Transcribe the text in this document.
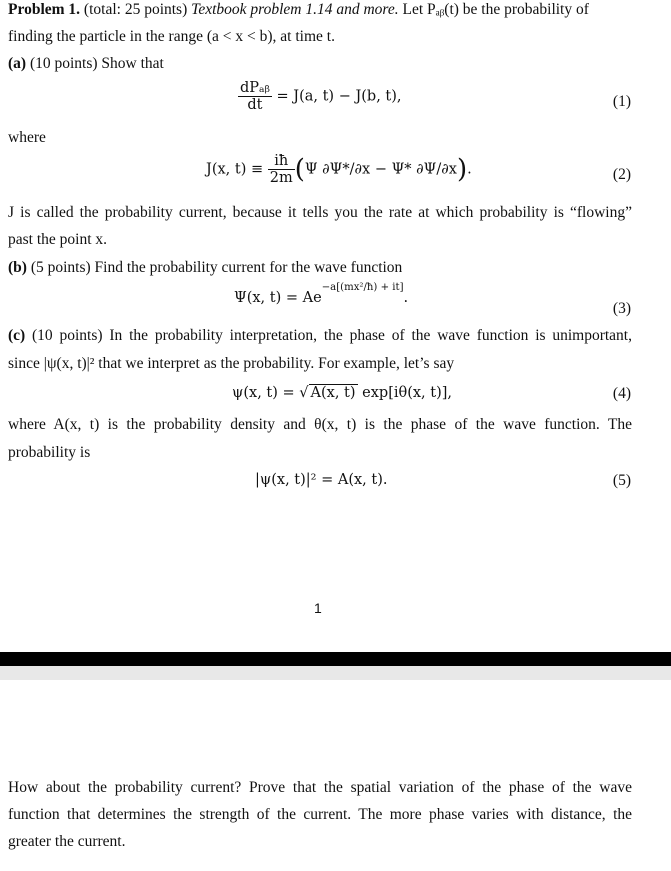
Problem 1. (total: 25 points) Textbook problem 1.14 and more. Let Pₐᵦ(t) be the probability of
finding the particle in the range (a < x < b), at time t.
(a) (10 points) Show that
$\frac{\text{dPₐᵦ}}{dt} = J(a$, t) − J(b, t),	(1)
where
J(x, $t) \equiv \frac{iħ}{2m} (\Psi$ ∂Ψ*/∂x − Ψ* ∂Ψ/∂x).	(2)
J is called the probability current, because it tells you the rate at which probability is “flowing”
past the point x.
(b) (5 points) Find the probability current for the wave function
Ψ(x, $t) = Ae^{-a[(mx^2/ħ) + it]}$.
(3)
(c) (10 points) In the probability interpretation, the phase of the wave function is unimportant,
since |ψ(x, t)|² that we interpret as the probability. For example, let’s say
ψ(x, t) = √ A(x, t) exp[iθ(x, t)],	(4)
where A(x, t) is the probability density and θ(x, t) is the phase of the wave function. The
probability is
|ψ(x, t)|² = A(x, t).	(5)
1
How about the probability current? Prove that the spatial variation of the phase of the wave
function that determines the strength of the current. The more phase varies with distance, the
greater the current.
